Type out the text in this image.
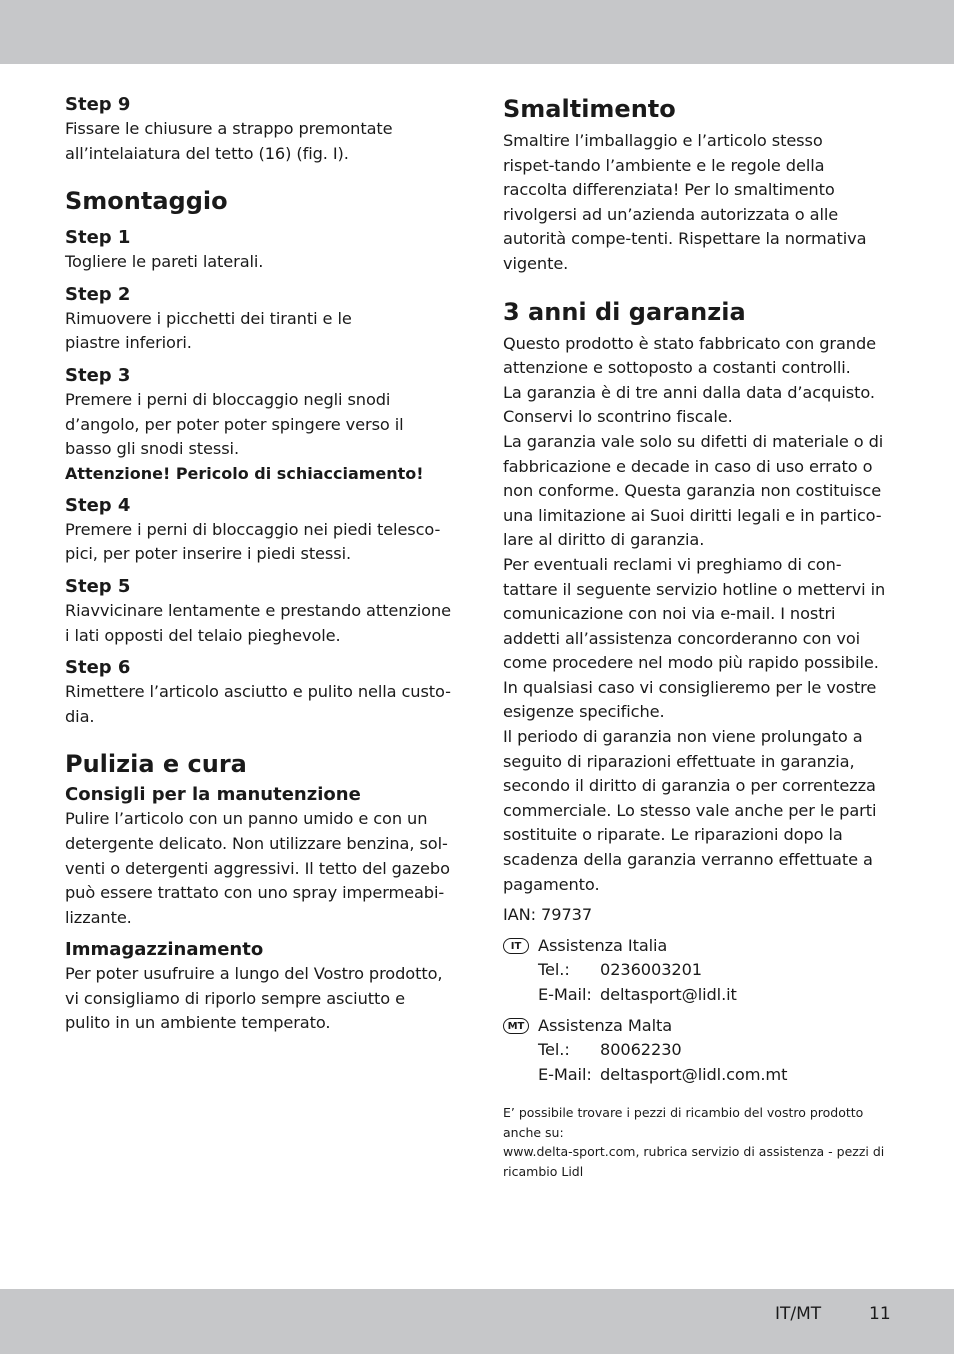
Step 9

Fissare le chiusure a strappo premontate all’intelaiatura del tetto (16) (fig. I).

Smontaggio

Step 1

Togliere le pareti laterali.

Step 2

Rimuovere i picchetti dei tiranti e le piastre inferiori.

Step 3

Premere i perni di bloccaggio negli snodi d’angolo, per poter poter spingere verso il basso gli snodi stessi.

Attenzione! Pericolo di schiacciamento!

Step 4

Premere i perni di bloccaggio nei piedi telesco-pici, per poter inserire i piedi stessi.

Step 5

Riavvicinare lentamente e prestando attenzione i lati opposti del telaio pieghevole.

Step 6

Rimettere l’articolo asciutto e pulito nella custo-dia.

Pulizia e cura

Consigli per la manutenzione

Pulire l’articolo con un panno umido e con un detergente delicato. Non utilizzare benzina, sol-venti o detergenti aggressivi. Il tetto del gazebo può essere trattato con uno spray impermeabi-lizzante.

Immagazzinamento

Per poter usufruire a lungo del Vostro prodotto, vi consigliamo di riporlo sempre asciutto e pulito in un ambiente temperato.

Smaltimento

Smaltire l’imballaggio e l’articolo stesso rispet-tando l’ambiente e le regole della raccolta differenziata! Per lo smaltimento rivolgersi ad un’azienda autorizzata o alle autorità compe-tenti. Rispettare la normativa vigente.

3 anni di garanzia

Questo prodotto è stato fabbricato con grande attenzione e sottoposto a costanti controlli.

La garanzia è di tre anni dalla data d’acquisto. Conservi lo scontrino fiscale.

La garanzia vale solo su difetti di materiale o di fabbricazione e decade in caso di uso errato o non conforme. Questa garanzia non costituisce una limitazione ai Suoi diritti legali e in partico-lare al diritto di garanzia.

Per eventuali reclami vi preghiamo di con-tattare il seguente servizio hotline o mettervi in comunicazione con noi via e-mail. I nostri addetti all’assistenza concorderanno con voi come procedere nel modo più rapido possibile. In qualsiasi caso vi consiglieremo per le vostre esigenze specifiche.

Il periodo di garanzia non viene prolungato a seguito di riparazioni effettuate in garanzia, secondo il diritto di garanzia o per correntezza commerciale. Lo stesso vale anche per le parti sostituite o riparate. Le riparazioni dopo la scadenza della garanzia verranno effettuate a pagamento.

IAN: 79737

IT	Assistenza Italia

Tel.:	0236003201
E-Mail: deltasport@lidl.it
MT Assistenza Malta

Tel.:	80062230
E-Mail: deltasport@lidl.com.mt

E’ possibile trovare i pezzi di ricambio del vostro prodotto anche su:

www.delta-sport.com, rubrica servizio di assistenza - pezzi di ricambio Lidl

IT/MT	11
